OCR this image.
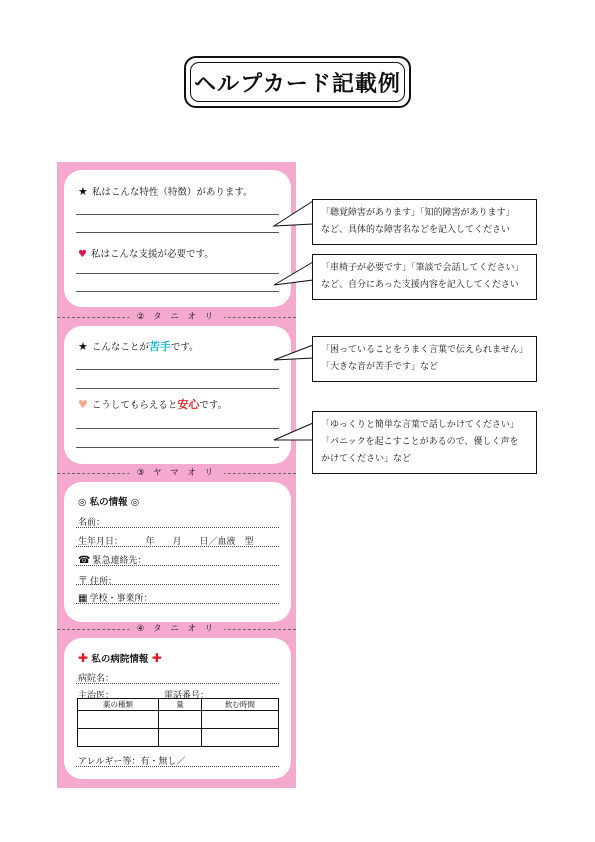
ヘルプカード記載例
★ 私はこんな特性（特徴）があります。
♥ 私はこんな支援が必要です。
② タ ニ オ リ
★ こんなことが苦手です。
♥ こうしてもらえると安心です。
③ ヤ マ オ リ
◎ 私の情報 ◎
名前：
生年月日：　　　年　　月　　日／血液　型
☎ 緊急連絡先：
〒 住所：
▦ 学校・事業所：
④ タ ニ オ リ
✚ 私の病院情報 ✚
病院名：
主治医：	電話番号：
薬の種類	量	飲む時間

アレルギー等：有・無し／
「聴覚障害があります」「知的障害があります」
など、具体的な障害名などを記入してください
「車椅子が必要です」「筆談で会話してください」
など、自分にあった支援内容を記入してください
「困っていることをうまく言葉で伝えられません」
「大きな音が苦手です」など
「ゆっくりと簡単な言葉で話しかけてください」
「パニックを起こすことがあるので、優しく声を
かけてください」など
